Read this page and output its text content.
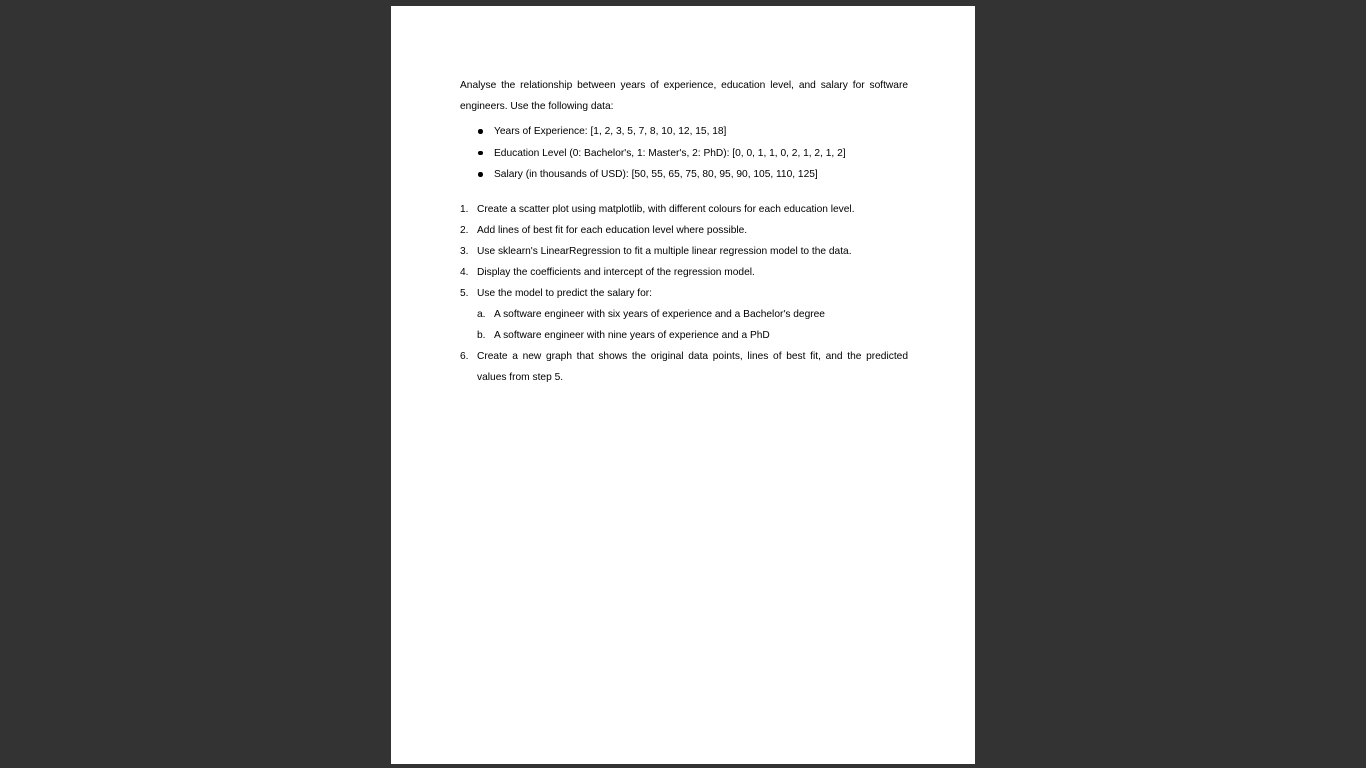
Analyse the relationship between years of experience, education level, and salary for software engineers. Use the following data:

Years of Experience: [1, 2, 3, 5, 7, 8, 10, 12, 15, 18]
Education Level (0: Bachelor's, 1: Master's, 2: PhD): [0, 0, 1, 1, 0, 2, 1, 2, 1, 2]
Salary (in thousands of USD): [50, 55, 65, 75, 80, 95, 90, 105, 110, 125]
1. Create a scatter plot using matplotlib, with different colours for each education level.
2. Add lines of best fit for each education level where possible.
3. Use sklearn's LinearRegression to fit a multiple linear regression model to the data.
4. Display the coefficients and intercept of the regression model.
5. Use the model to predict the salary for:
a. A software engineer with six years of experience and a Bachelor's degree
b. A software engineer with nine years of experience and a PhD
6. Create a new graph that shows the original data points, lines of best fit, and the predicted values from step 5.
